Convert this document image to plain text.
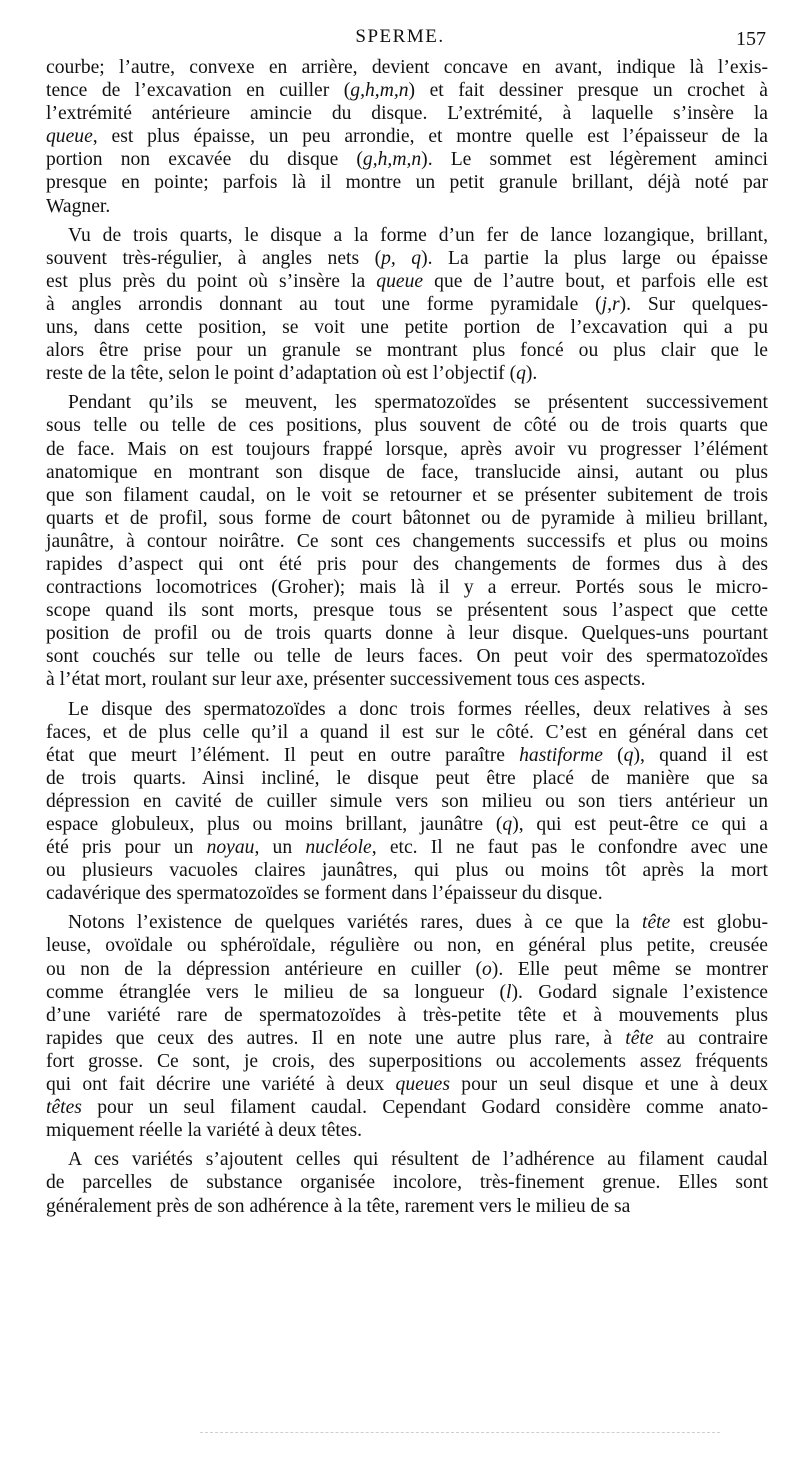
SPERME.	157
courbe; l’autre, convexe en arrière, devient concave en avant, indique là l’exis-
tence de l’excavation en cuiller (g,h,m,n) et fait dessiner presque un crochet à
l’extrémité antérieure amincie du disque. L’extrémité, à laquelle s’insère la
queue, est plus épaisse, un peu arrondie, et montre quelle est l’épaisseur de la
portion non excavée du disque (g,h,m,n). Le sommet est légèrement aminci
presque en pointe; parfois là il montre un petit granule brillant, déjà noté par
Wagner.
Vu de trois quarts, le disque a la forme d’un fer de lance lozangique, brillant,
souvent très-régulier, à angles nets (p, q). La partie la plus large ou épaisse
est plus près du point où s’insère la queue que de l’autre bout, et parfois elle est
à angles arrondis donnant au tout une forme pyramidale (j,r). Sur quelques-
uns, dans cette position, se voit une petite portion de l’excavation qui a pu
alors être prise pour un granule se montrant plus foncé ou plus clair que le
reste de la tête, selon le point d’adaptation où est l’objectif (q).
Pendant qu’ils se meuvent, les spermatozoïdes se présentent successivement
sous telle ou telle de ces positions, plus souvent de côté ou de trois quarts que
de face. Mais on est toujours frappé lorsque, après avoir vu progresser l’élément
anatomique en montrant son disque de face, translucide ainsi, autant ou plus
que son filament caudal, on le voit se retourner et se présenter subitement de trois
quarts et de profil, sous forme de court bâtonnet ou de pyramide à milieu brillant,
jaunâtre, à contour noirâtre. Ce sont ces changements successifs et plus ou moins
rapides d’aspect qui ont été pris pour des changements de formes dus à des
contractions locomotrices (Groher); mais là il y a erreur. Portés sous le micro-
scope quand ils sont morts, presque tous se présentent sous l’aspect que cette
position de profil ou de trois quarts donne à leur disque. Quelques-uns pourtant
sont couchés sur telle ou telle de leurs faces. On peut voir des spermatozoïdes
à l’état mort, roulant sur leur axe, présenter successivement tous ces aspects.
Le disque des spermatozoïdes a donc trois formes réelles, deux relatives à ses
faces, et de plus celle qu’il a quand il est sur le côté. C’est en général dans cet
état que meurt l’élément. Il peut en outre paraître hastiforme (q), quand il est
de trois quarts. Ainsi incliné, le disque peut être placé de manière que sa
dépression en cavité de cuiller simule vers son milieu ou son tiers antérieur un
espace globuleux, plus ou moins brillant, jaunâtre (q), qui est peut-être ce qui a
été pris pour un noyau, un nucléole, etc. Il ne faut pas le confondre avec une
ou plusieurs vacuoles claires jaunâtres, qui plus ou moins tôt après la mort
cadavérique des spermatozoïdes se forment dans l’épaisseur du disque.
Notons l’existence de quelques variétés rares, dues à ce que la tête est globu-
leuse, ovoïdale ou sphéroïdale, régulière ou non, en général plus petite, creusée
ou non de la dépression antérieure en cuiller (o). Elle peut même se montrer
comme étranglée vers le milieu de sa longueur (l). Godard signale l’existence
d’une variété rare de spermatozoïdes à très-petite tête et à mouvements plus
rapides que ceux des autres. Il en note une autre plus rare, à tête au contraire
fort grosse. Ce sont, je crois, des superpositions ou accolements assez fréquents
qui ont fait décrire une variété à deux queues pour un seul disque et une à deux
têtes pour un seul filament caudal. Cependant Godard considère comme anato-
miquement réelle la variété à deux têtes.
A ces variétés s’ajoutent celles qui résultent de l’adhérence au filament caudal
de parcelles de substance organisée incolore, très-finement grenue. Elles sont
généralement près de son adhérence à la tête, rarement vers le milieu de sa
